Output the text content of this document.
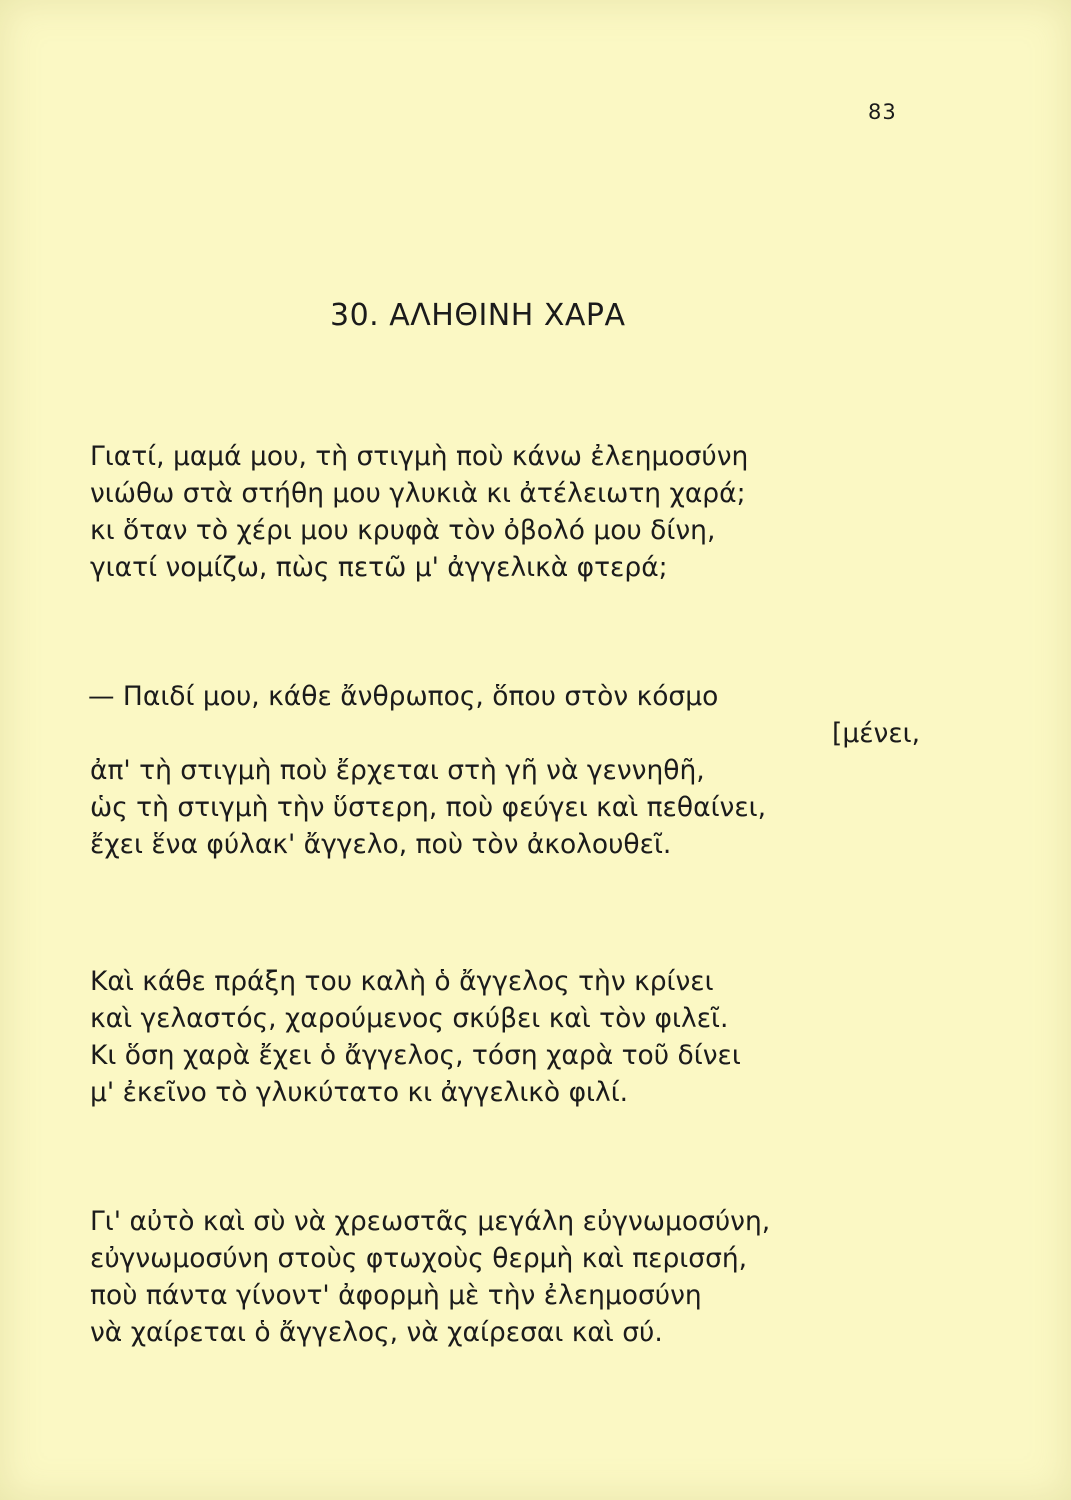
83
30. ΑΛΗΘΙΝΗ ΧΑΡΑ
Γιατί, μαμά μου, τὴ στιγμὴ ποὺ κάνω ἐλεημοσύνη
νιώθω στὰ στήθη μου γλυκιὰ κι ἀτέλειωτη χαρά;
κι ὅταν τὸ χέρι μου κρυφὰ τὸν ὀβολό μου δίνη,
γιατί νομίζω, πὼς πετῶ μ' ἀγγελικὰ φτερά;
— Παιδί μου, κάθε ἄνθρωπος, ὅπου στὸν κόσμο
[μένει,
ἀπ' τὴ στιγμὴ ποὺ ἔρχεται στὴ γῆ νὰ γεννηθῆ,
ὡς τὴ στιγμὴ τὴν ὕστερη, ποὺ φεύγει καὶ πεθαίνει,
ἔχει ἕνα φύλακ' ἄγγελο, ποὺ τὸν ἀκολουθεῖ.
Καὶ κάθε πράξη του καλὴ ὁ ἄγγελος τὴν κρίνει
καὶ γελαστός, χαρούμενος σκύβει καὶ τὸν φιλεῖ.
Κι ὅση χαρὰ ἔχει ὁ ἄγγελος, τόση χαρὰ τοῦ δίνει
μ' ἐκεῖνο τὸ γλυκύτατο κι ἀγγελικὸ φιλί.
Γι' αὐτὸ καὶ σὺ νὰ χρεωστᾶς μεγάλη εὐγνωμοσύνη,
εὐγνωμοσύνη στοὺς φτωχοὺς θερμὴ καὶ περισσή,
ποὺ πάντα γίνοντ' ἀφορμὴ μὲ τὴν ἐλεημοσύνη
νὰ χαίρεται ὁ ἄγγελος, νὰ χαίρεσαι καὶ σύ.
